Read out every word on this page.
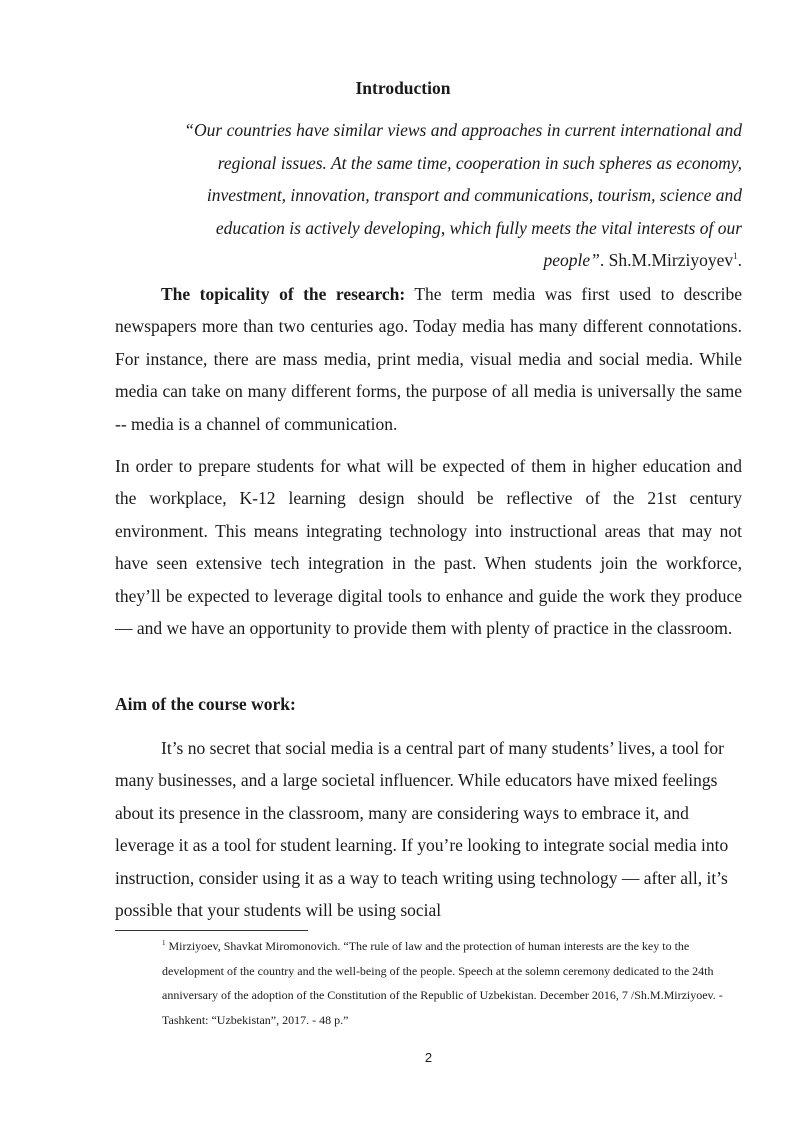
Introduction

“Our countries have similar views and approaches in current international and
regional issues. At the same time, cooperation in such spheres as economy,
investment, innovation, transport and communications, tourism, science and
education is actively developing, which fully meets the vital interests of our
people”. Sh.M.Mirziyoyev$^1$.

The topicality of the research: The term media was first used to describe newspapers more than two centuries ago. Today media has many different connotations. For instance, there are mass media, print media, visual media and social media. While media can take on many different forms, the purpose of all media is universally the same -- media is a channel of communication.

In order to prepare students for what will be expected of them in higher education and the workplace, K-12 learning design should be reflective of the 21st century environment. This means integrating technology into instructional areas that may not have seen extensive tech integration in the past. When students join the workforce, they’ll be expected to leverage digital tools to enhance and guide the work they produce — and we have an opportunity to provide them with plenty of practice in the classroom.

Aim of the course work:

It’s no secret that social media is a central part of many students’ lives, a tool for many businesses, and a large societal influencer. While educators have mixed feelings about its presence in the classroom, many are considering ways to embrace it, and leverage it as a tool for student learning. If you’re looking to integrate social media into instruction, consider using it as a way to teach writing using technology — after all, it’s possible that your students will be using social

$^1$ Mirziyoev, Shavkat Miromonovich. “The rule of law and the protection of human interests are the key to the development of the country and the well-being of the people. Speech at the solemn ceremony dedicated to the 24th anniversary of the adoption of the Constitution of the Republic of Uzbekistan. December 2016, 7 /Sh.M.Mirziyoev. - Tashkent: “Uzbekistan”, 2017. - 48 p.”

2
